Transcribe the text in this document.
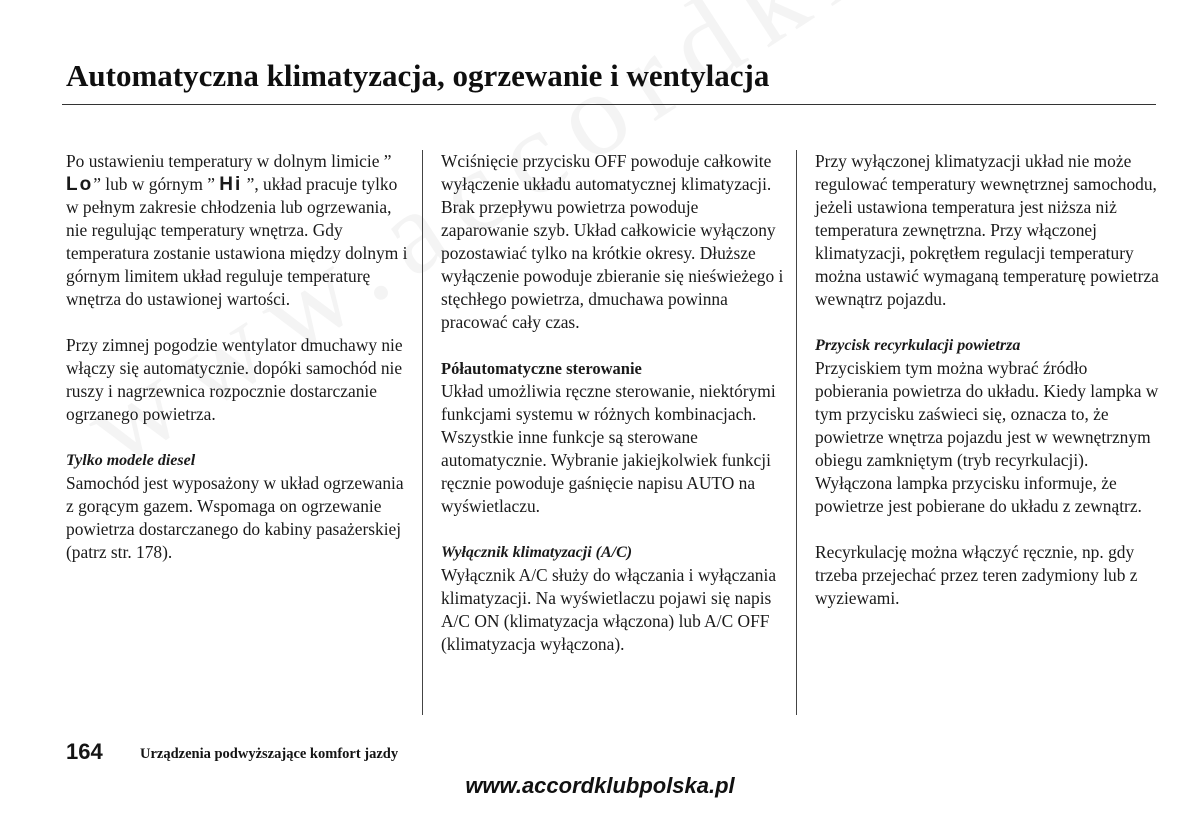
Automatyczna klimatyzacja, ogrzewanie i wentylacja

Po ustawieniu temperatury w dolnym limicie ” Lo” lub w górnym ” Hi ”, układ pracuje tylko w pełnym zakresie chłodzenia lub ogrzewania, nie regulując temperatury wnętrza. Gdy temperatura zostanie ustawiona między dolnym i górnym limitem układ reguluje temperaturę wnętrza do ustawionej wartości.

Przy zimnej pogodzie wentylator dmuchawy nie włączy się automatycznie. dopóki samochód nie ruszy i nagrzewnica rozpocznie dostarczanie ogrzanego powietrza.

Tylko modele diesel

Samochód jest wyposażony w układ ogrzewania z gorącym gazem. Wspomaga on ogrzewanie powietrza dostarczanego do kabiny pasażerskiej (patrz str. 178).

Wciśnięcie przycisku OFF powoduje całkowite wyłączenie układu automatycznej klimatyzacji. Brak przepływu powietrza powoduje zaparowanie szyb. Układ całkowicie wyłączony pozostawiać tylko na krótkie okresy. Dłuższe wyłączenie powoduje zbieranie się nieświeżego i stęchłego powietrza, dmuchawa powinna pracować cały czas.

Półautomatyczne sterowanie

Układ umożliwia ręczne sterowanie, niektórymi funkcjami systemu w różnych kombinacjach. Wszystkie inne funkcje są sterowane automatycznie. Wybranie jakiejkolwiek funkcji ręcznie powoduje gaśnięcie napisu AUTO na wyświetlaczu.

Wyłącznik klimatyzacji (A/C)

Wyłącznik A/C służy do włączania i wyłączania klimatyzacji. Na wyświetlaczu pojawi się napis A/C ON (klimatyzacja włączona) lub A/C OFF (klimatyzacja wyłączona).

Przy wyłączonej klimatyzacji układ nie może regulować temperatury wewnętrznej samochodu, jeżeli ustawiona temperatura jest niższa niż temperatura zewnętrzna. Przy włączonej klimatyzacji, pokrętłem regulacji temperatury można ustawić wymaganą temperaturę powietrza wewnątrz pojazdu.

Przycisk recyrkulacji powietrza

Przyciskiem tym można wybrać źródło pobierania powietrza do układu. Kiedy lampka w tym przycisku zaświeci się, oznacza to, że powietrze wnętrza pojazdu jest w wewnętrznym obiegu zamkniętym (tryb recyrkulacji). Wyłączona lampka przycisku informuje, że powietrze jest pobierane do układu z zewnątrz.

Recyrkulację można włączyć ręcznie, np. gdy trzeba przejechać przez teren zadymiony lub z wyziewami.

164	Urządzenia podwyższające komfort jazdy
www.accordklubpolska.pl
